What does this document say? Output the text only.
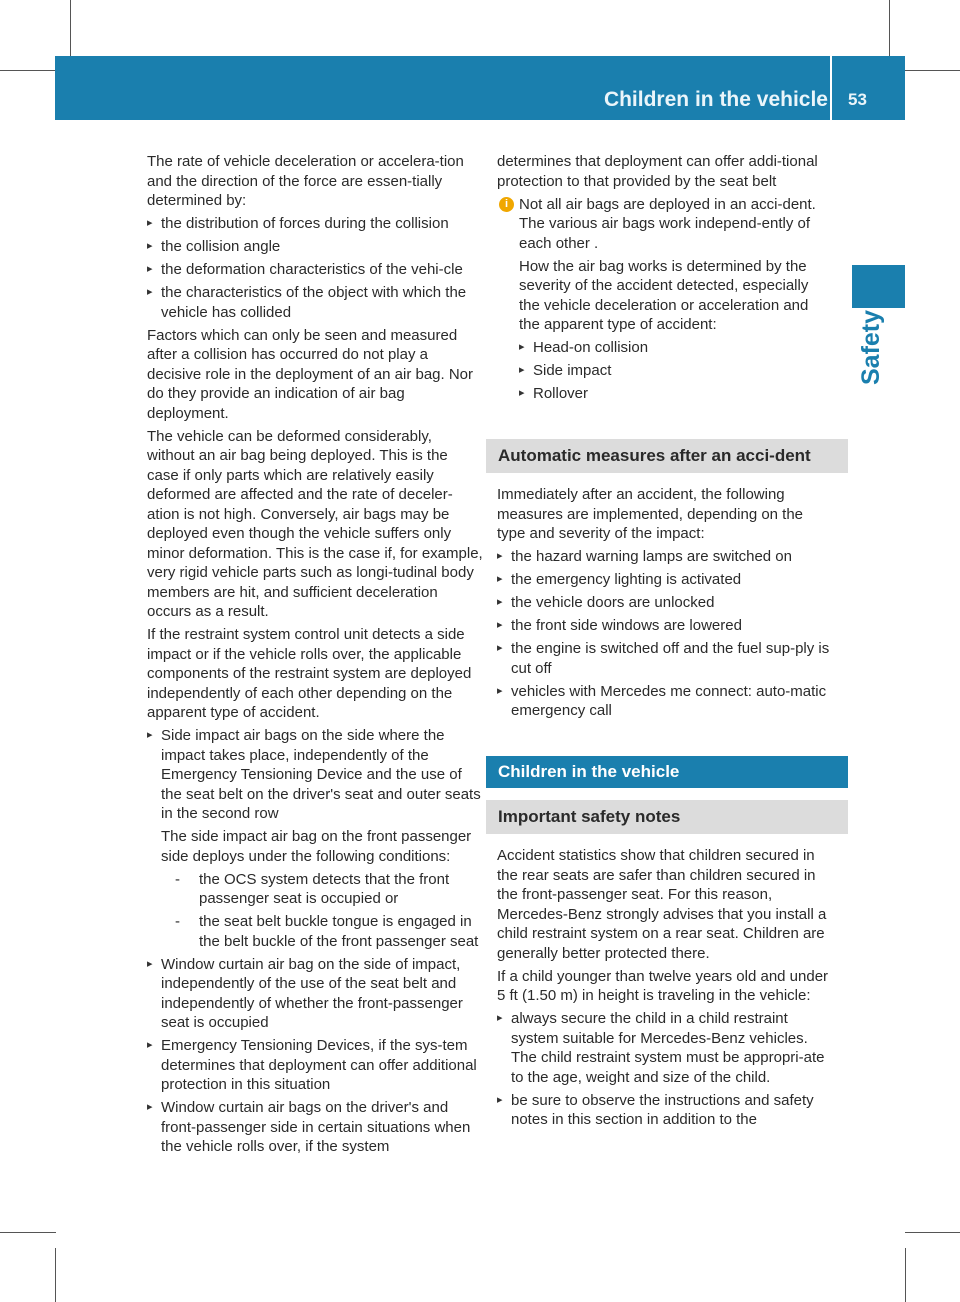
Children in the vehicle 53
Safety

The rate of vehicle deceleration or accelera-tion and the direction of the force are essen-tially determined by:

▸ the distribution of forces during the collision
▸ the collision angle
▸ the deformation characteristics of the vehi-cle
▸ the characteristics of the object with which the vehicle has collided

Factors which can only be seen and measured after a collision has occurred do not play a decisive role in the deployment of an air bag. Nor do they provide an indication of air bag deployment.

The vehicle can be deformed considerably, without an air bag being deployed. This is the case if only parts which are relatively easily deformed are affected and the rate of deceler-ation is not high. Conversely, air bags may be deployed even though the vehicle suffers only minor deformation. This is the case if, for example, very rigid vehicle parts such as longi-tudinal body members are hit, and sufficient deceleration occurs as a result.

If the restraint system control unit detects a side impact or if the vehicle rolls over, the applicable components of the restraint system are deployed independently of each other depending on the apparent type of accident.

▸ Side impact air bags on the side where the impact takes place, independently of the Emergency Tensioning Device and the use of the seat belt on the driver's seat and outer seats in the second row

The side impact air bag on the front passenger side deploys under the following conditions:

- the OCS system detects that the front passenger seat is occupied or
- the seat belt buckle tongue is engaged in the belt buckle of the front passenger seat
▸ Window curtain air bag on the side of impact, independently of the use of the seat belt and independently of whether the front-passenger seat is occupied
▸ Emergency Tensioning Devices, if the sys-tem determines that deployment can offer additional protection in this situation
▸ Window curtain air bags on the driver's and front-passenger side in certain situations when the vehicle rolls over, if the system

determines that deployment can offer addi-tional protection to that provided by the seat belt

i Not all air bags are deployed in an acci-dent. The various air bags work independ-ently of each other .

How the air bag works is determined by the severity of the accident detected, especially the vehicle deceleration or acceleration and the apparent type of accident:

▸ Head-on collision
▸ Side impact
▸ Rollover
Automatic measures after an acci-dent

Immediately after an accident, the following measures are implemented, depending on the type and severity of the impact:

▸ the hazard warning lamps are switched on
▸ the emergency lighting is activated
▸ the vehicle doors are unlocked
▸ the front side windows are lowered
▸ the engine is switched off and the fuel sup-ply is cut off
▸ vehicles with Mercedes me connect: auto-matic emergency call
Children in the vehicle
Important safety notes

Accident statistics show that children secured in the rear seats are safer than children secured in the front-passenger seat. For this reason, Mercedes-Benz strongly advises that you install a child restraint system on a rear seat. Children are generally better protected there.

If a child younger than twelve years old and under 5 ft (1.50 m) in height is traveling in the vehicle:

▸ always secure the child in a child restraint system suitable for Mercedes-Benz vehicles. The child restraint system must be appropri-ate to the age, weight and size of the child.
▸ be sure to observe the instructions and safety notes in this section in addition to the
